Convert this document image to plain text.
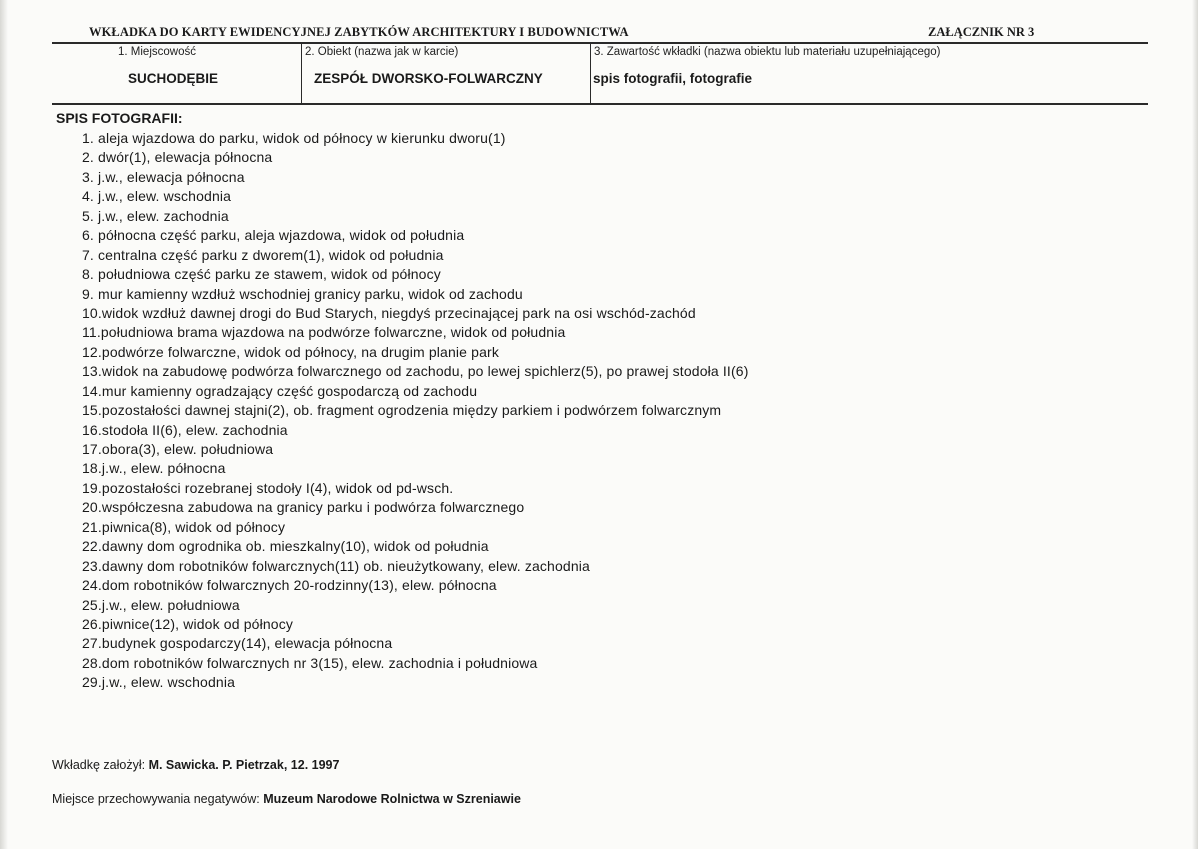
WKŁADKA DO KARTY EWIDENCYJNEJ ZABYTKÓW ARCHITEKTURY I BUDOWNICTWA	ZAŁĄCZNIK NR 3
1. Miejscowość
SUCHODĘBIE
2. Obiekt (nazwa jak w karcie)
ZESPÓŁ DWORSKO-FOLWARCZNY
3. Zawartość wkładki (nazwa obiektu lub materiału uzupełniającego)
spis fotografii, fotografie
SPIS FOTOGRAFII:
1. aleja wjazdowa do parku, widok od północy w kierunku dworu(1)
2. dwór(1), elewacja północna
3. j.w., elewacja północna
4. j.w., elew. wschodnia
5. j.w., elew. zachodnia
6. północna część parku, aleja wjazdowa, widok od południa
7. centralna część parku z dworem(1), widok od południa
8. południowa część parku ze stawem, widok od północy
9. mur kamienny wzdłuż wschodniej granicy parku, widok od zachodu
10.widok wzdłuż dawnej drogi do Bud Starych, niegdyś przecinającej park na osi wschód-zachód
11.południowa brama wjazdowa na podwórze folwarczne, widok od południa
12.podwórze folwarczne, widok od północy, na drugim planie park
13.widok na zabudowę podwórza folwarcznego od zachodu, po lewej spichlerz(5), po prawej stodoła II(6)
14.mur kamienny ogradzający część gospodarczą od zachodu
15.pozostałości dawnej stajni(2), ob. fragment ogrodzenia między parkiem i podwórzem folwarcznym
16.stodoła II(6), elew. zachodnia
17.obora(3), elew. południowa
18.j.w., elew. północna
19.pozostałości rozebranej stodoły I(4), widok od pd-wsch.
20.współczesna zabudowa na granicy parku i podwórza folwarcznego
21.piwnica(8), widok od północy
22.dawny dom ogrodnika ob. mieszkalny(10), widok od południa
23.dawny dom robotników folwarcznych(11) ob. nieużytkowany, elew. zachodnia
24.dom robotników folwarcznych 20-rodzinny(13), elew. północna
25.j.w., elew. południowa
26.piwnice(12), widok od północy
27.budynek gospodarczy(14), elewacja północna
28.dom robotników folwarcznych nr 3(15), elew. zachodnia i południowa
29.j.w., elew. wschodnia
Wkładkę założył: M. Sawicka. P. Pietrzak, 12. 1997
Miejsce przechowywania negatywów: Muzeum Narodowe Rolnictwa w Szreniawie
